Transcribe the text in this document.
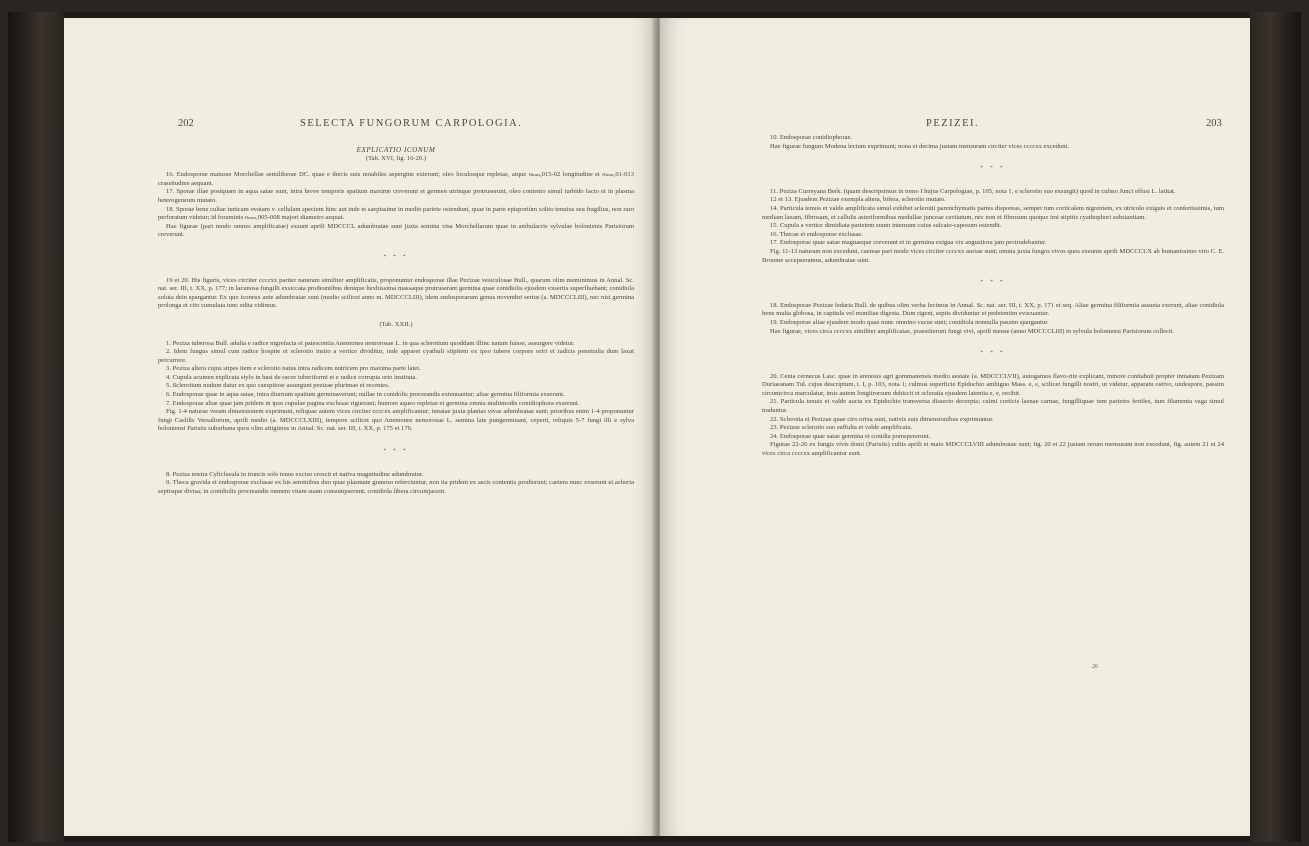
202	SELECTA FUNGORUM CARPOLOGIA.
EXPLICATIO ICONUM
(Tab. XVI, fig. 16-20.)

16. Endosporae maturae Morchellae semiliberae DC. quae e thecis suis notabiles aspergine exierunt; oleo loculosque repletae, atque oₘₘ,015-02 longitudine et oₘₘ,01-013 crassitudine aequant.

17. Sporae illae postquam in aqua satae sunt, intra breve temporis spatium maxime creverunt et germen utrinque protruserunt, oleo contento simul turbido facto et in plasma heterogeneum mutato.

18. Sporae bene cultae tunicam ovatam v. cellulam speciem hinc aut inde et saepissime in medio pariete ostendunt, quae in parte episporiùm solito tenuius seu fragilius, non raro perforatum videtur; id foraminis oₘₘ,005-008 majori diametro aequat.

Hae figurae (pari modo omnes amplificatae) exsunt aprili MDCCCL adumbratae sunt juxta semina visa Morchellarum quae in ambulacris sylvulae bolonienis Parisiorum creverunt.

* * *

19 et 20. His figuris, vices circiter ccccxx pariter naturam similiter amplificatis, proponuntur endosporae illae Pezizae vesiculosae Bull., quarum olim meminimus in Annal. Sc. nat. ser. III, t. XX, p. 177; in lacunosa fungilli exsiccata prodeuntibus denique hexhissima massaque protruserant germina quae conidiolis ejusdem exsertis superfluebant; conidiola soluta dein spargantur. Ex quo iconesx ante adumbratae sunt (medio scilicet anno m. MDCCCLIII), idem endosporarum genus novembri serius (a. MDCCCLIII), nec nisi germina prolonga et cito cumulata tunc edita vidimus.

(Tab. XXII.)

1. Peziza tuberosa Bull. adulta e radice nigrefacta et patescentia Anemones nemorosae L. in qua sclerotium quoddam illinc natum fuisse, assurgere videtur.

2. Idem fungus simul cum radice hospite et sclerotio insito a vertice dividitur, inde apparet cyathuli stipitem ex ipso tubere corpore oriri et radicis penetralia dum laxat percurrere.

3. Peziza altera cujus stipes item e sclerotio natus intra radicem nutricem pro maxima parte latet.

4. Cupula acumen explicata stylo in basi de racee tuberiformi et e radice corrupta orto instituta.

5. Sclerotium nudum datur ex quo caespitose assurgunt pezizae plurimae et recentes.

6. Endosporae quae in aqua satae, intra diurnum spatium germinaverunt; nullae in conidolis procreandis extenuantur; aliae germina filiformia exserunt.

7. Endosporae aliae quae jam pridem in ipso cupulae pagina exclusae riguerant; humore aqueo repletae et germina omnia multimodis conidiophora exserunt.

Fig. 1-4 naturae veram dimensionem exprimunt, reliquae autem vices circiter ccccxx amplificantur; innatae juxta plantas vivas adumbratae sunt; prioribus enim 1-4 proponuntur fungi Caslilis Versaliorum, aprili medio (a. MDCCCLXIII), tempore scilicet quo Anemones nemorosae L. semina late pungerminant, ceperti, reliquis 5-7 fungi illi e sylva boloniensi Parisiis suburbana quos olim attigimus in Annal. Sc. nat. ser. III, t. XX, p. 175 et 176.

* * *

8. Peziza nostra Cyliclusula in truncis solo tenus exciso crescit et nativa magnitudine adumbratur.

9. Theca gravida et endosporae exclusae ex his seminibus duo quae plasmate granoso referciuntur, non ita pridem ex ascis contentis prodierunt; caetera nunc exserunt et acheria septisque divisa; in conidiolis procreandis omnem vitam suam consumpserunt; conidiola libera circumjacent.

PEZIZEI.	203

10. Endosporae conidiophorae.

Hae figurae fungum Modena lectum exprimunt; nona et decima justam mensuram circiter vices ccccxx excedunt.

* * *

11. Peziza Curreyana Berk. (quam descripsimus in tomo I hujus Carpologiae, p. 105, nota 1, e sclerotio suo exsurgit) quod in culmo Junci effusi L. latitat.

12 et 13. Ejusdem Pezizae exempla altera, bifera, sclerotio mutato.

14. Particula tenuis et valde amplificata simul exhibet sclerotii parenchymatis partes disporeas, semper tum corticalem nigrentem, ex utriculo exiguis et confertissimis, tum mediam laxam, fibrosam, et callulis asteriformibus medullae junceae cavitatum, nec non et fibrosum quoque imi stipitis cyathophori substantiam.

15. Cupula a vertice dimidiata parietem suum internum cuius sulcato-caposum ostendit.

16. Thecae et endosporae exclusae.

17. Endosporae quae satae magnaeque creverant et in germina exigua vix angustiora jam protrudebantur.

Fig. 11-13 naturam non excedunt, caeteae pari modo vices circiter ccccxx auctae sunt; omnia juxta fungos vivos quos exeunte aprili MDCCCLX ab humanissimo viro C. E. Broome accepseramus, adumbratae sunt.

* * *

18. Endosporae Pezizae ledaria Bull. de quibus olim verba fecimus in Annal. Sc. nat. ser. III, t. XX, p. 171 et seq. Aliae germina filiformia assueta exerunt, aliae conidiola bene multa globosa, in capitula vel moniliae digesta. Dum rigent, septis dividuntur et pedetentim evacuantur.

19. Endosporae aliae ejusdem modo quae nunc omnino vacue sunt; conidiola nonnulla passim spargantur.

Hae figurae, vices circa ccccxx similiter amplificatae, praestiterunt fungi vivi, aprili mense (anno MDCCCLIII) in sylvula boloniensi Parisiorum collecti.

* * *

20. Cenia cernecus Lasc. quae in arenosis agri gommanensis medio aestate (a. MDCCCLVII), autogamos flavo-rite explicant, minore conitabuit propter inmatam Pezizam Duriaeanam Tul. cujus descriptum, t. I, p. 103, nota 1; culmus superficie Epidochio ambiguo Mass. e, e, scilicet fungilli nostri, ut videtur, apparatu ostivo, undespore, passim circumcirca marculatur, imis autem longitrorsum dehiscit et scleratia ejusdem latentia e, e, recibit.

21. Particula tenuis et valde aucta ex Epidochio transversa dissecto decerpta; culmi corticis laenae carnae, fungilliquae tum parietes fertiles, tum filamenta vaga simul traduntur.

22. Sclerotia et Pezizae quae ciro orixa sunt, nativis suis dimensionibus exprimuntur.

23. Pezizae sclerotio suo suffulta et valde amplificata.

24. Endosporae quae satae germina et conidia pomspererunt.

Figurae 22-26 ex fungis vivis domi (Parisiis) cultis aprili et maio MDCCCLVIII adumbratae sunt; fig. 20 et 22 justam rerum mensuram non excedunt, fig. autem 21 et 24 vices circa ccccxx amplificantur sunt.

26
